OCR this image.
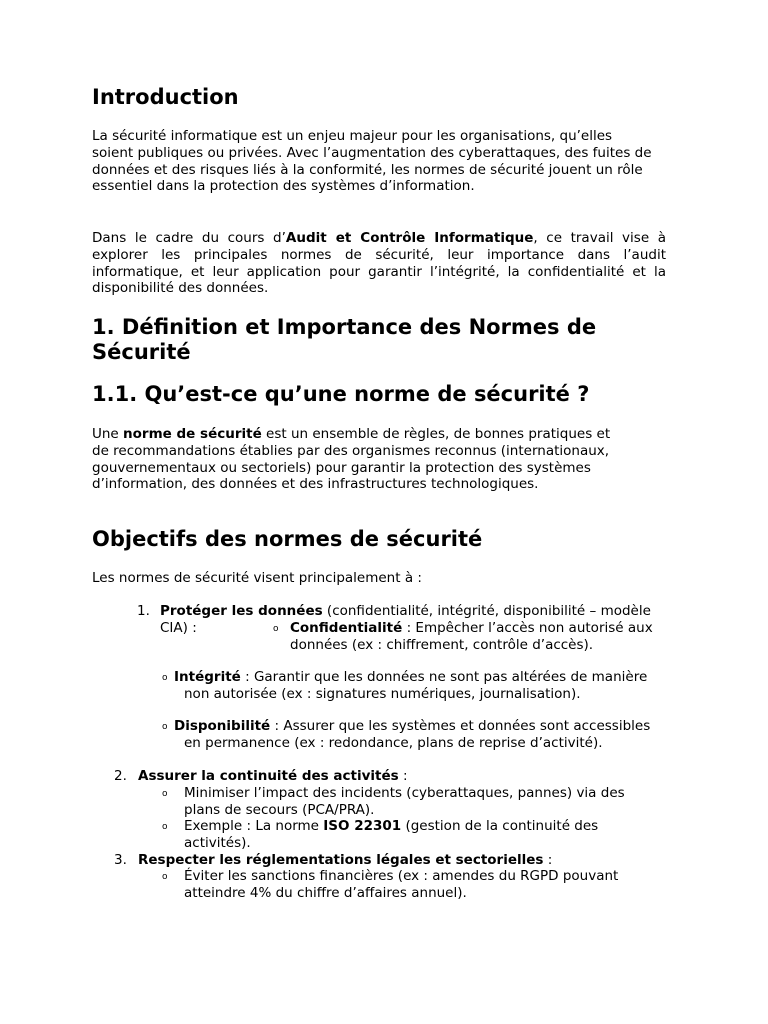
Introduction

La sécurité informatique est un enjeu majeur pour les organisations, qu’elles soient publiques ou privées. Avec l’augmentation des cyberattaques, des fuites de données et des risques liés à la conformité, les normes de sécurité jouent un rôle essentiel dans la protection des systèmes d’information.

Dans le cadre du cours d’Audit et Contrôle Informatique, ce travail vise à explorer les principales normes de sécurité, leur importance dans l’audit informatique, et leur application pour garantir l’intégrité, la confidentialité et la disponibilité des données.

1. Définition et Importance des Normes de Sécurité
1.1. Qu’est-ce qu’une norme de sécurité ?

Une norme de sécurité est un ensemble de règles, de bonnes pratiques et de recommandations établies par des organismes reconnus (internationaux, gouvernementaux ou sectoriels) pour garantir la protection des systèmes d’information, des données et des infrastructures technologiques.

Objectifs des normes de sécurité

Les normes de sécurité visent principalement à :

1. Protéger les données (confidentialité, intégrité, disponibilité – modèle CIA) :	o Confidentialité : Empêcher l’accès non autorisé aux données (ex : chiffrement, contrôle d’accès).
o Intégrité : Garantir que les données ne sont pas altérées de manière non autorisée (ex : signatures numériques, journalisation).
o Disponibilité : Assurer que les systèmes et données sont accessibles en permanence (ex : redondance, plans de reprise d’activité).
2. Assurer la continuité des activités :
o Minimiser l’impact des incidents (cyberattaques, pannes) via des plans de secours (PCA/PRA).
o Exemple : La norme ISO 22301 (gestion de la continuité des activités).
3. Respecter les réglementations légales et sectorielles :
o Éviter les sanctions financières (ex : amendes du RGPD pouvant atteindre 4% du chiffre d’affaires annuel).
